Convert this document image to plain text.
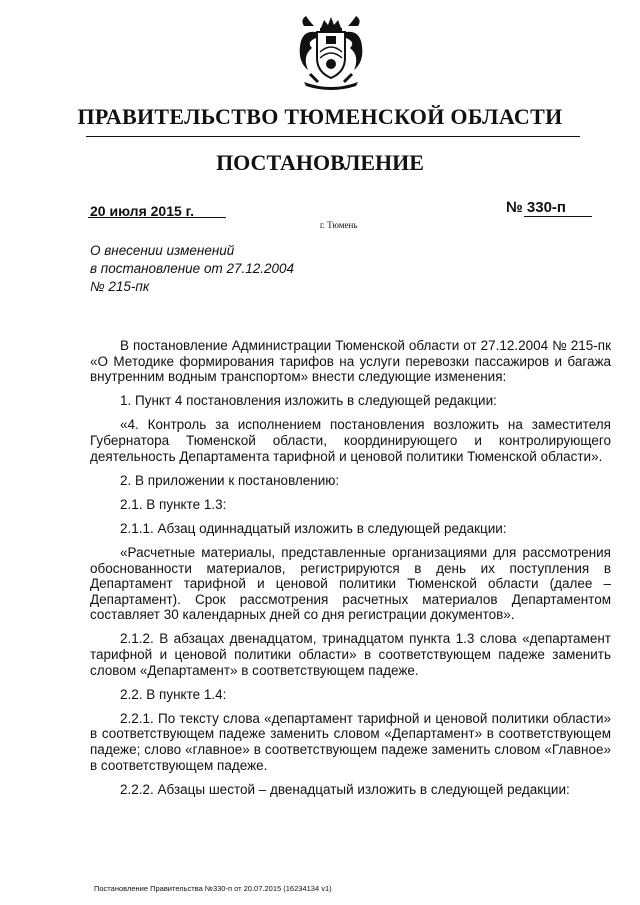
ПРАВИТЕЛЬСТВО ТЮМЕНСКОЙ ОБЛАСТИ
ПОСТАНОВЛЕНИЕ
20 июля 2015 г.	№ 330-п
г. Тюмень
О внесении изменений
в постановление от 27.12.2004
№ 215-пк

В постановление Администрации Тюменской области от 27.12.2004 № 215-пк «О Методике формирования тарифов на услуги перевозки пассажиров и багажа внутренним водным транспортом» внести следующие изменения:

1. Пункт 4 постановления изложить в следующей редакции:

«4. Контроль за исполнением постановления возложить на заместителя Губернатора Тюменской области, координирующего и контролирующего деятельность Департамента тарифной и ценовой политики Тюменской области».

2. В приложении к постановлению:

2.1. В пункте 1.3:

2.1.1. Абзац одиннадцатый изложить в следующей редакции:

«Расчетные материалы, представленные организациями для рассмотрения обоснованности материалов, регистрируются в день их поступления в Департамент тарифной и ценовой политики Тюменской области (далее – Департамент). Срок рассмотрения расчетных материалов Департаментом составляет 30 календарных дней со дня регистрации документов».

2.1.2. В абзацах двенадцатом, тринадцатом пункта 1.3 слова «департамент тарифной и ценовой политики области» в соответствующем падеже заменить словом «Департамент» в соответствующем падеже.

2.2. В пункте 1.4:

2.2.1. По тексту слова «департамент тарифной и ценовой политики области» в соответствующем падеже заменить словом «Департамент» в соответствующем падеже; слово «главное» в соответствующем падеже заменить словом «Главное» в соответствующем падеже.

2.2.2. Абзацы шестой – двенадцатый изложить в следующей редакции:

Постановление Правительства №330-п от 20.07.2015 (16234134 v1)
